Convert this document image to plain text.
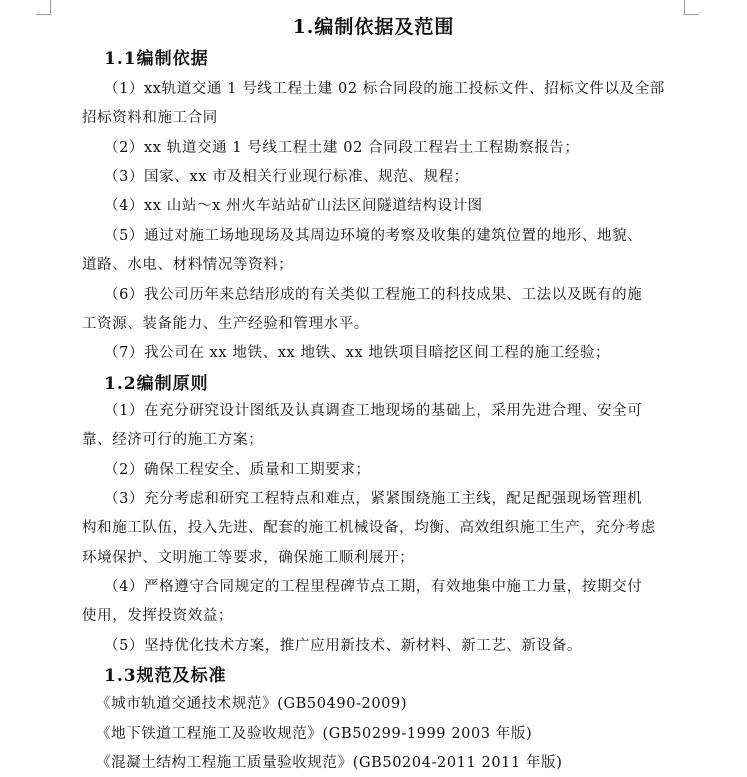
1.编制依据及范围
1.1编制依据
（1）xx轨道交通 1 号线工程土建 02 标合同段的施工投标文件、招标文件以及全部
招标资料和施工合同
（2）xx 轨道交通 1 号线工程土建 02 合同段工程岩土工程勘察报告；
（3）国家、xx 市及相关行业现行标准、规范、规程；
（4）xx 山站～x 州火车站站矿山法区间隧道结构设计图
（5）通过对施工场地现场及其周边环境的考察及收集的建筑位置的地形、地貌、
道路、水电、材料情况等资料；
（6）我公司历年来总结形成的有关类似工程施工的科技成果、工法以及既有的施
工资源、装备能力、生产经验和管理水平。
（7）我公司在 xx 地铁、xx 地铁、xx 地铁项目暗挖区间工程的施工经验；
1.2编制原则
（1）在充分研究设计图纸及认真调查工地现场的基础上，采用先进合理、安全可
靠、经济可行的施工方案；
（2）确保工程安全、质量和工期要求；
（3）充分考虑和研究工程特点和难点，紧紧围绕施工主线，配足配强现场管理机
构和施工队伍，投入先进、配套的施工机械设备，均衡、高效组织施工生产，充分考虑
环境保护、文明施工等要求，确保施工顺利展开；
（4）严格遵守合同规定的工程里程碑节点工期，有效地集中施工力量，按期交付
使用，发挥投资效益；
（5）坚持优化技术方案，推广应用新技术、新材料、新工艺、新设备。
1.3规范及标准
《城市轨道交通技术规范》(GB50490-2009)
《地下铁道工程施工及验收规范》(GB50299-1999 2003 年版)
《混凝土结构工程施工质量验收规范》(GB50204-2011 2011 年版)
